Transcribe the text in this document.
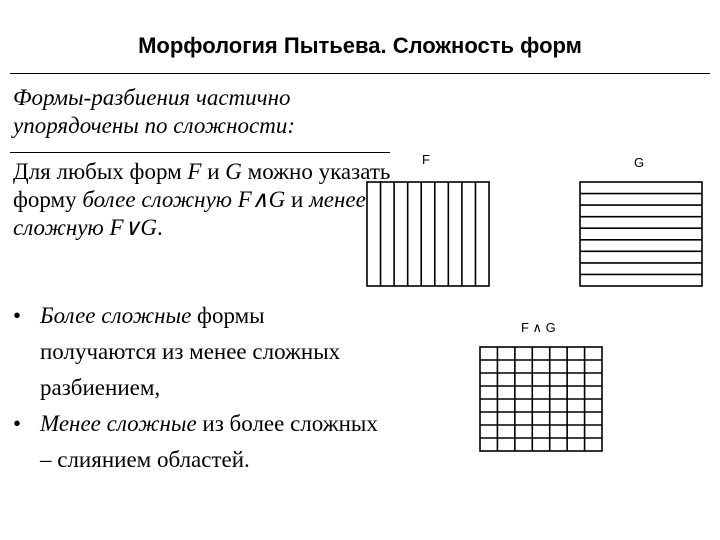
Морфология Пытьева. Сложность форм
Формы-разбиения частично упорядочены по сложности:
Для любых форм F и G можно указать форму более сложную F∧G и менее сложную F∨G.
• Более сложные формы получаются из менее сложных разбиением,
• Менее сложные из более сложных – слиянием областей.
F	G
F ∧ G
